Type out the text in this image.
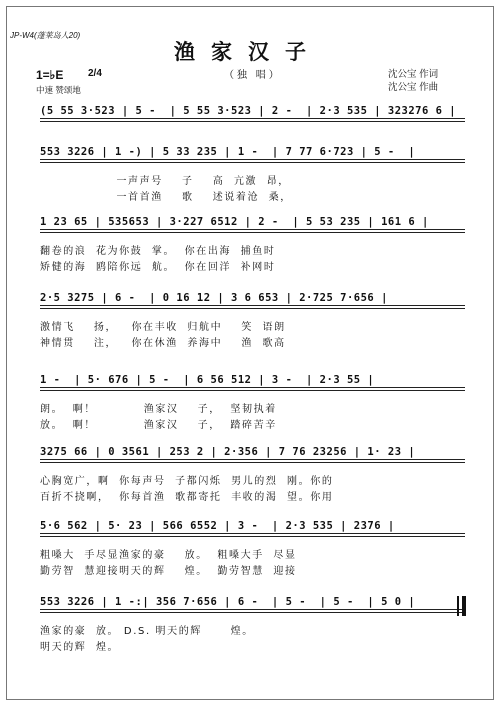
JP-W4(蓬莱岛人20)
渔家汉子
（独 唱）	沈公宝 作词
沈公宝 作曲
1=♭E 2/4
中速 赞颂地
(5 55 3·523 | 5 -  | 5 55 3·523 | 2 -  | 2·3 535 | 323276 6 |
553 3226 | 1 -) | 5 33 235 | 1 -  | 7 77 6·723 | 5 -  |
一声声号    子    高  亢激  昂，
一首首渔    歌    述说着沧  桑，
1 23 65 | 535653 | 3·227 6512 | 2 -  | 5 53 235 | 161 6 |
翻卷的浪  花为你鼓  掌。  你在出海  捕鱼时
矫健的海  鸥陪你远  航。  你在回洋  补网时
2·5 3275 | 6 -  | 0 16 12 | 3 6 653 | 2·725 7·656 |
激情飞    扬，   你在丰收  归航中    笑  语朗
神情贯    注，   你在休渔  养海中    渔  歌高
1 -  | 5· 676 | 5 -  | 6 56 512 | 3 -  | 2·3 55 |
朗。  啊！          渔家汉    子，  坚韧执着
放。  啊！          渔家汉    子，  踏碎苦辛
3275 66 | 0 3561 | 253 2 | 2·356 | 7 76 23256 | 1· 23 |
心胸宽广，啊  你每声号  子都闪烁  男儿的烈  刚。你的
百折不挠啊，  你每首渔  歌都寄托  丰收的渴  望。你用
5·6 562 | 5· 23 | 566 6552 | 3 -  | 2·3 535 | 2376 |
粗嗓大  手尽显渔家的豪    放。  粗嗓大手  尽显
勤劳智  慧迎接明天的辉    煌。  勤劳智慧  迎接
553 3226 | 1 -:| 356 7·656 | 6 -  | 5 -  | 5 -  | 5 0 |
渔家的豪  放。 D.S. 明天的辉      煌。
明天的辉  煌。
